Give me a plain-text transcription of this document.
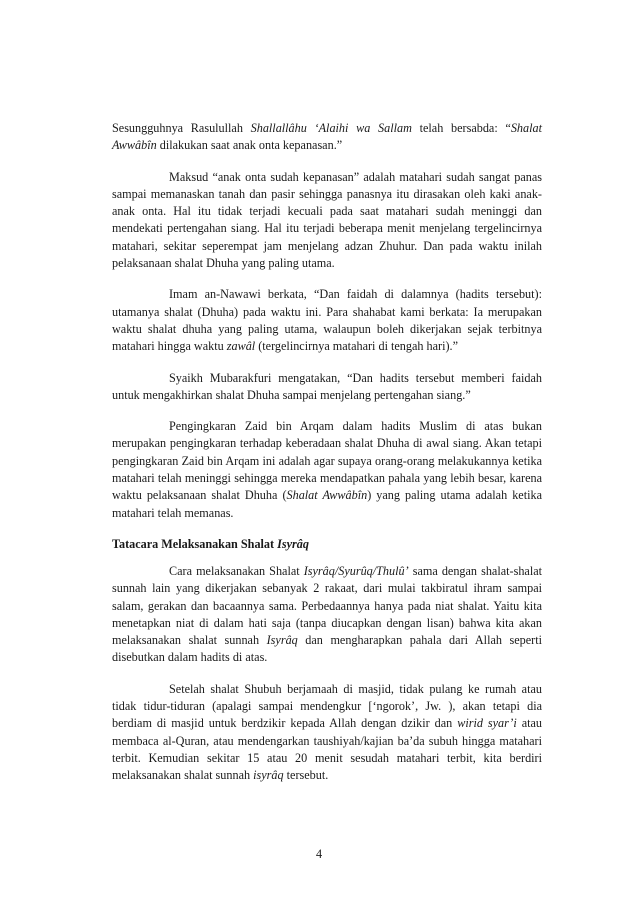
Sesungguhnya Rasulullah Shallallâhu ‘Alaihi wa Sallam telah bersabda: “Shalat Awwâbîn dilakukan saat anak onta kepanasan.”

Maksud “anak onta sudah kepanasan” adalah matahari sudah sangat panas sampai memanaskan tanah dan pasir sehingga panasnya itu dirasakan oleh kaki anak-anak onta. Hal itu tidak terjadi kecuali pada saat matahari sudah meninggi dan mendekati pertengahan siang. Hal itu terjadi beberapa menit menjelang tergelincirnya matahari, sekitar seperempat jam menjelang adzan Zhuhur. Dan pada waktu inilah pelaksanaan shalat Dhuha yang paling utama.

Imam an-Nawawi berkata, “Dan faidah di dalamnya (hadits tersebut): utamanya shalat (Dhuha) pada waktu ini. Para shahabat kami berkata: Ia merupakan waktu shalat dhuha yang paling utama, walaupun boleh dikerjakan sejak terbitnya matahari hingga waktu zawâl (tergelincirnya matahari di tengah hari).”

Syaikh Mubarakfuri mengatakan, “Dan hadits tersebut memberi faidah untuk mengakhirkan shalat Dhuha sampai menjelang pertengahan siang.”

Pengingkaran Zaid bin Arqam dalam hadits Muslim di atas bukan merupakan pengingkaran terhadap keberadaan shalat Dhuha di awal siang. Akan tetapi pengingkaran Zaid bin Arqam ini adalah agar supaya orang-orang melakukannya ketika matahari telah meninggi sehingga mereka mendapatkan pahala yang lebih besar, karena waktu pelaksanaan shalat Dhuha (Shalat Awwâbîn) yang paling utama adalah ketika matahari telah memanas.

Tatacara Melaksanakan Shalat Isyrâq

Cara melaksanakan Shalat Isyrâq/Syurûq/Thulû’ sama dengan shalat-shalat sunnah lain yang dikerjakan sebanyak 2 rakaat, dari mulai takbiratul ihram sampai salam, gerakan dan bacaannya sama. Perbedaannya hanya pada niat shalat. Yaitu kita menetapkan niat di dalam hati saja (tanpa diucapkan dengan lisan) bahwa kita akan melaksanakan shalat sunnah Isyrâq dan mengharapkan pahala dari Allah seperti disebutkan dalam hadits di atas.

Setelah shalat Shubuh berjamaah di masjid, tidak pulang ke rumah atau tidak tidur-tiduran (apalagi sampai mendengkur [‘ngorok’, Jw. ), akan tetapi dia berdiam di masjid untuk berdzikir kepada Allah dengan dzikir dan wirid syar’i atau membaca al-Quran, atau mendengarkan taushiyah/kajian ba’da subuh hingga matahari terbit. Kemudian sekitar 15 atau 20 menit sesudah matahari terbit, kita berdiri melaksanakan shalat sunnah isyrâq tersebut.

4
